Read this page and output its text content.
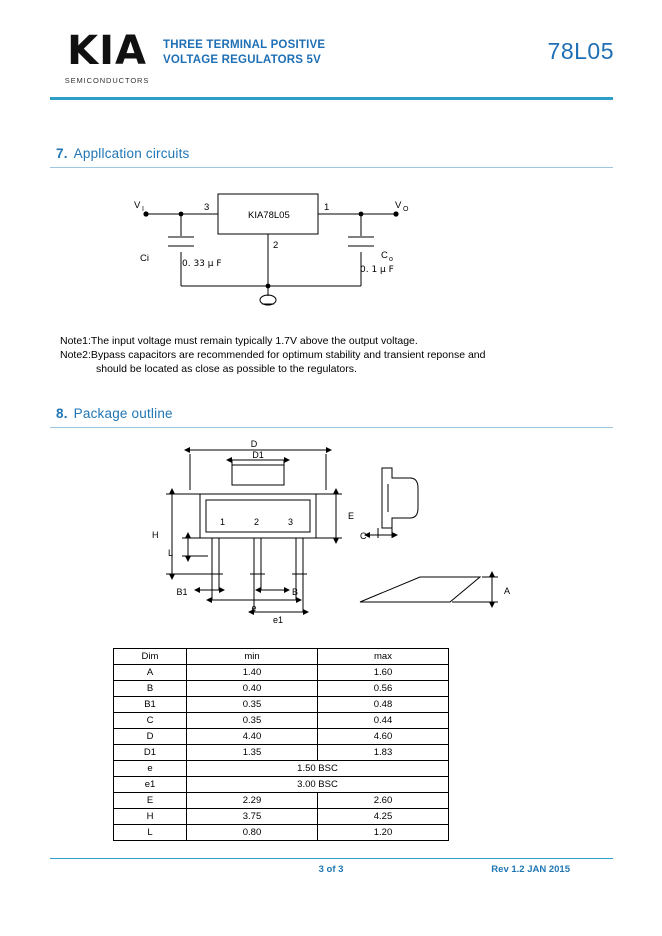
KIA
SEMICONDUCTORS
THREE TERMINAL POSITIVE
VOLTAGE REGULATORS 5V	78L05
7. Appllcation circuits
KIA78L05
3	1
2
V I	V O
Ci	0. 33 μ F
C o
0. 1 μ F
Note1:The input voltage must remain typically 1.7V above the output voltage.
Note2:Bypass capacitors are recommended for optimum stability and transient reponse and
should be located as close as possible to the regulators.
8. Package outline
D
D1
E
H
L
B1	B
e
e1
C
A
1	2	3
Dim	min	max
A	1.40	1.60
B	0.40	0.56
B1	0.35	0.48
C	0.35	0.44
D	4.40	4.60
D1	1.35	1.83
e	1.50 BSC	
e1	3.00 BSC	
E	2.29	2.60
H	3.75	4.25
L	0.80	1.20
3 of 3	Rev 1.2 JAN 2015
